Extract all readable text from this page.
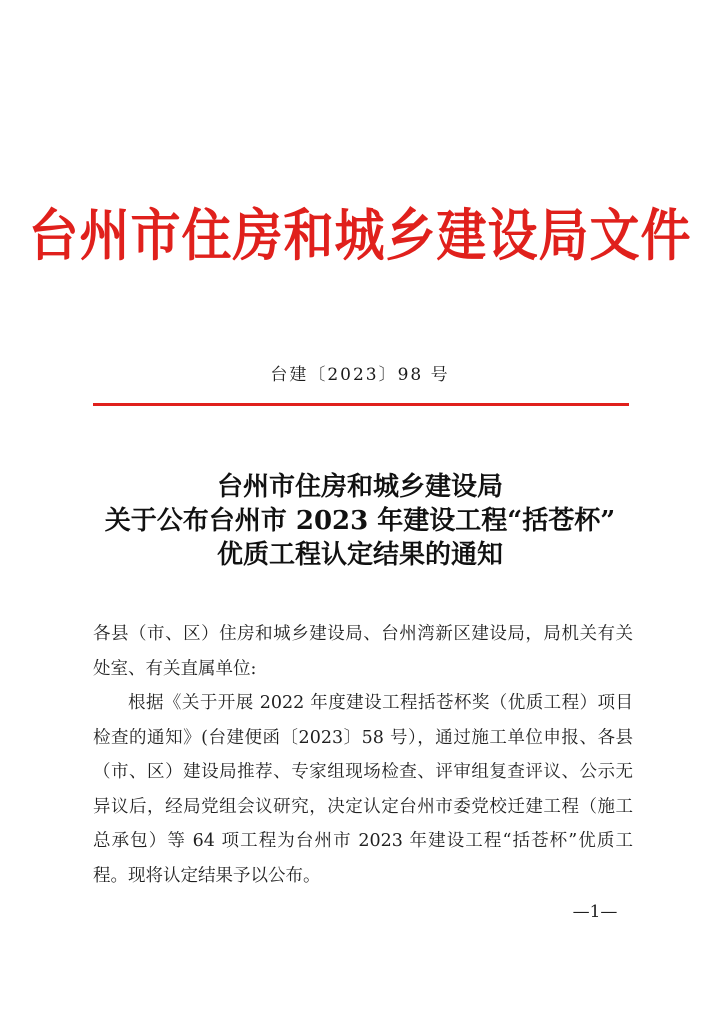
台州市住房和城乡建设局文件
台建〔2023〕98 号
台州市住房和城乡建设局
关于公布台州市 2023 年建设工程“括苍杯”
优质工程认定结果的通知

各县（市、区）住房和城乡建设局、台州湾新区建设局，局机关有关处室、有关直属单位:

根据《关于开展 2022 年度建设工程括苍杯奖（优质工程）项目检查的通知》(台建便函〔2023〕58 号），通过施工单位申报、各县（市、区）建设局推荐、专家组现场检查、评审组复查评议、公示无异议后，经局党组会议研究，决定认定台州市委党校迁建工程（施工总承包）等 64 项工程为台州市 2023 年建设工程“括苍杯”优质工程。现将认定结果予以公布。

—1—
